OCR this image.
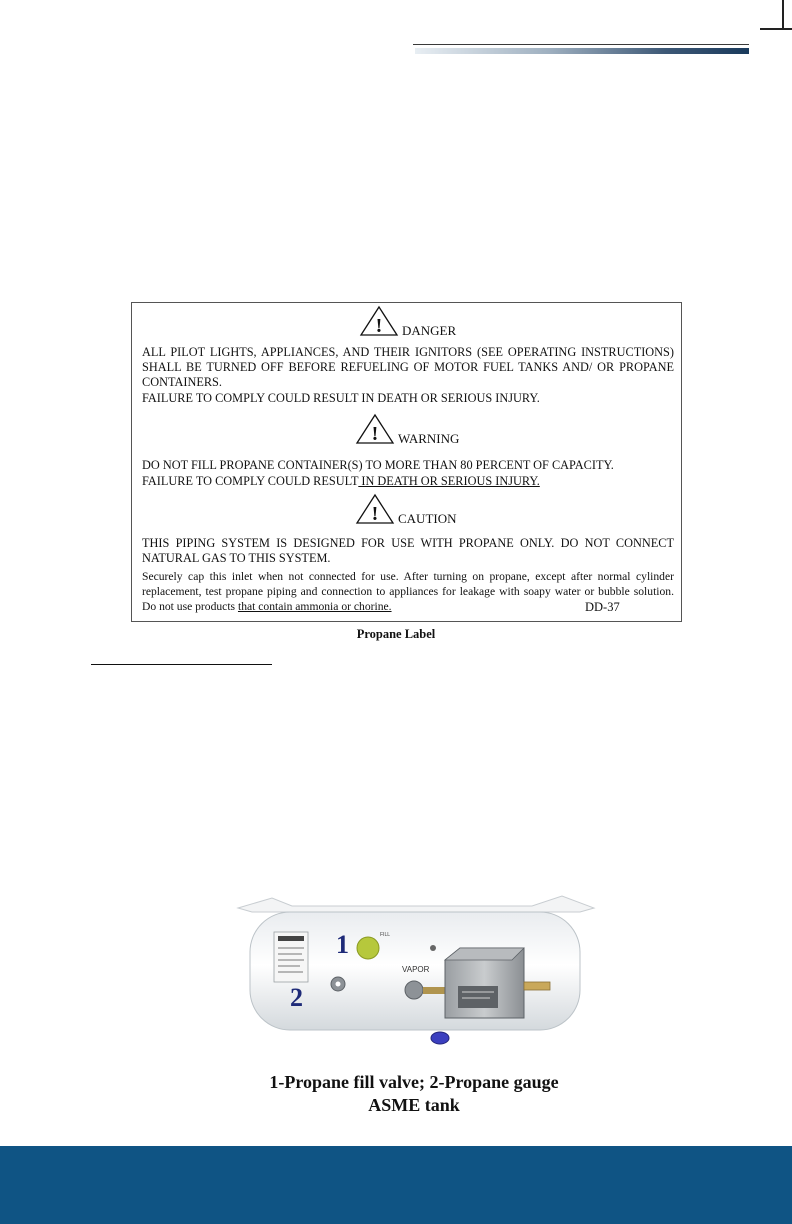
! DANGER
ALL PILOT LIGHTS, APPLIANCES, AND THEIR IGNITORS (SEE OPERATING INSTRUCTIONS) SHALL BE TURNED OFF BEFORE REFUELING OF MOTOR FUEL TANKS AND/ OR PROPANE CONTAINERS.
FAILURE TO COMPLY COULD RESULT IN DEATH OR SERIOUS INJURY.
! WARNING
DO NOT FILL PROPANE CONTAINER(S) TO MORE THAN 80 PERCENT OF CAPACITY.
FAILURE TO COMPLY COULD RESULT IN DEATH OR SERIOUS INJURY.
! CAUTION
THIS PIPING SYSTEM IS DESIGNED FOR USE WITH PROPANE ONLY. DO NOT CONNECT NATURAL GAS TO THIS SYSTEM.
Securely cap this inlet when not connected for use. After turning on propane, except after normal cylinder replacement, test propane piping and connection to appliances for leakage with soapy water or bubble solution. Do not use products that contain ammonia or chorine.	DD-37
Propane Label
FILL
VAPOR
1
2
1-Propane fill valve; 2-Propane gauge
ASME tank
